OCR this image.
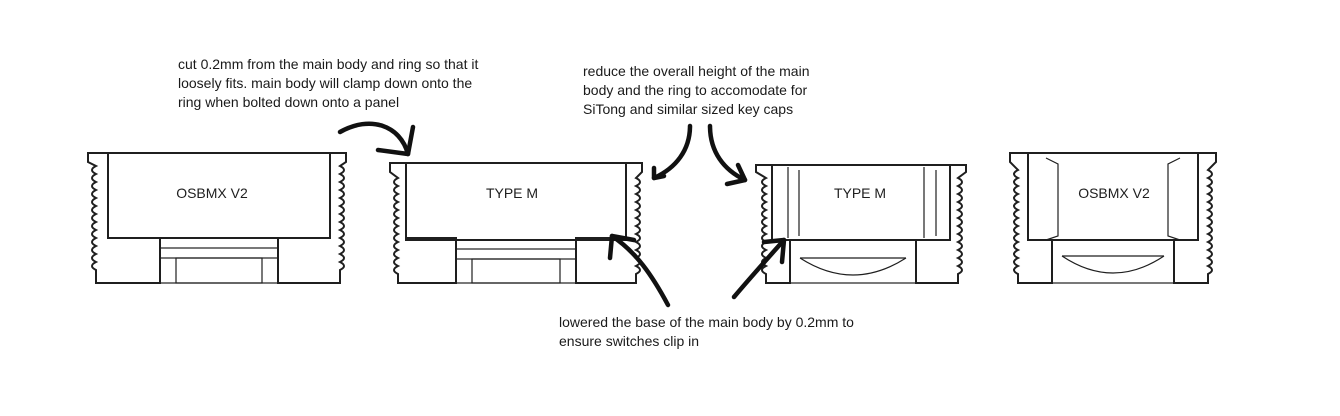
cut 0.2mm from the main body and ring so that it
loosely fits. main body will clamp down onto the
ring when bolted down onto a panel
reduce the overall height of the main
body and the ring to accomodate for
SiTong and similar sized key caps
lowered the base of the main body by 0.2mm to
ensure switches clip in
OSBMX V2	TYPE M	TYPE M	OSBMX V2
